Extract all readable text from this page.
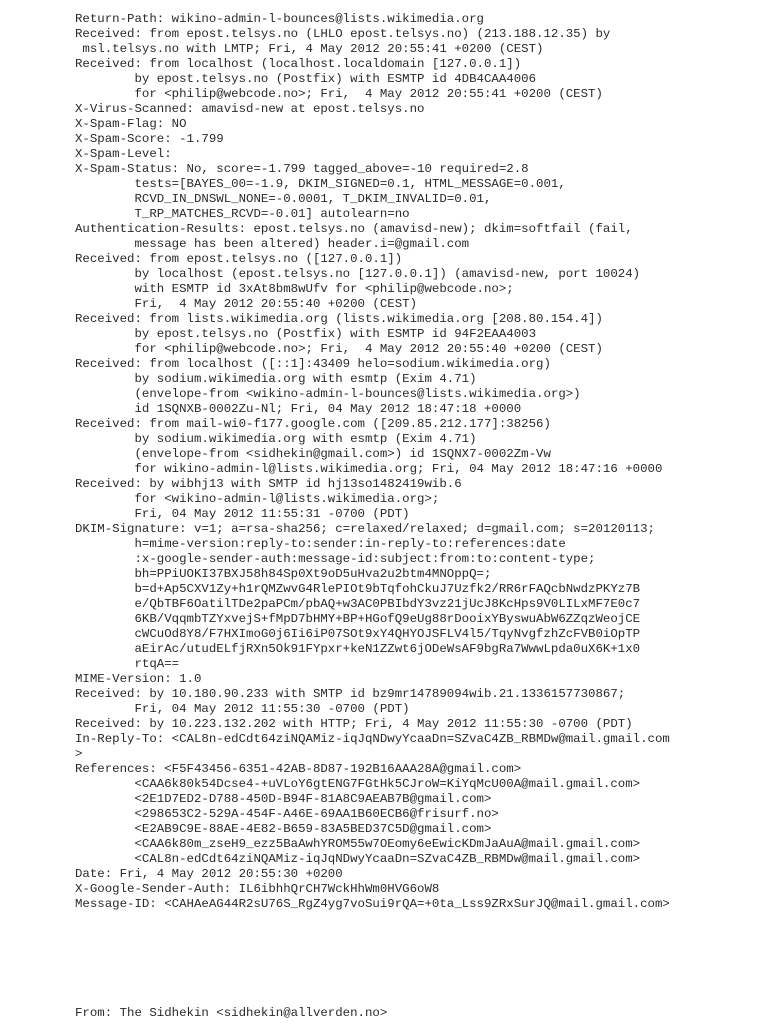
Return-Path: wikino-admin-l-bounces@lists.wikimedia.org
Received: from epost.telsys.no (LHLO epost.telsys.no) (213.188.12.35) by
msl.telsys.no with LMTP; Fri, 4 May 2012 20:55:41 +0200 (CEST)
Received: from localhost (localhost.localdomain [127.0.0.1])
by epost.telsys.no (Postfix) with ESMTP id 4DB4CAA4006
for <philip@webcode.no>; Fri,  4 May 2012 20:55:41 +0200 (CEST)
X-Virus-Scanned: amavisd-new at epost.telsys.no
X-Spam-Flag: NO
X-Spam-Score: -1.799
X-Spam-Level:
X-Spam-Status: No, score=-1.799 tagged_above=-10 required=2.8
tests=[BAYES_00=-1.9, DKIM_SIGNED=0.1, HTML_MESSAGE=0.001,
RCVD_IN_DNSWL_NONE=-0.0001, T_DKIM_INVALID=0.01,
T_RP_MATCHES_RCVD=-0.01] autolearn=no
Authentication-Results: epost.telsys.no (amavisd-new); dkim=softfail (fail,
message has been altered) header.i=@gmail.com
Received: from epost.telsys.no ([127.0.0.1])
by localhost (epost.telsys.no [127.0.0.1]) (amavisd-new, port 10024)
with ESMTP id 3xAt8bm8wUfv for <philip@webcode.no>;
Fri,  4 May 2012 20:55:40 +0200 (CEST)
Received: from lists.wikimedia.org (lists.wikimedia.org [208.80.154.4])
by epost.telsys.no (Postfix) with ESMTP id 94F2EAA4003
for <philip@webcode.no>; Fri,  4 May 2012 20:55:40 +0200 (CEST)
Received: from localhost ([::1]:43409 helo=sodium.wikimedia.org)
by sodium.wikimedia.org with esmtp (Exim 4.71)
(envelope-from <wikino-admin-l-bounces@lists.wikimedia.org>)
id 1SQNXB-0002Zu-Nl; Fri, 04 May 2012 18:47:18 +0000
Received: from mail-wi0-f177.google.com ([209.85.212.177]:38256)
by sodium.wikimedia.org with esmtp (Exim 4.71)
(envelope-from <sidhekin@gmail.com>) id 1SQNX7-0002Zm-Vw
for wikino-admin-l@lists.wikimedia.org; Fri, 04 May 2012 18:47:16 +0000
Received: by wibhj13 with SMTP id hj13so1482419wib.6
for <wikino-admin-l@lists.wikimedia.org>;
Fri, 04 May 2012 11:55:31 -0700 (PDT)
DKIM-Signature: v=1; a=rsa-sha256; c=relaxed/relaxed; d=gmail.com; s=20120113;
h=mime-version:reply-to:sender:in-reply-to:references:date
:x-google-sender-auth:message-id:subject:from:to:content-type;
bh=PPiUOKI37BXJ58h84Sp0Xt9oD5uHva2u2btm4MNOppQ=;
b=d+Ap5CXV1Zy+h1rQMZwvG4RlePIOt9bTqfohCkuJ7Uzfk2/RR6rFAQcbNwdzPKYz7B
e/QbTBF6OatilTDe2paPCm/pbAQ+w3AC0PBIbdY3vz21jUcJ8KcHps9V0LILxMF7E0c7
6KB/VqqmbTZYxvejS+fMpD7bHMY+BP+HGofQ9eUg88rDooixYByswuAbW6ZZqzWeojCE
cWCuOd8Y8/F7HXImoG0j6Ii6iP07SOt9xY4QHYOJSFLV4l5/TqyNvgfzhZcFVB0iOpTP
aEirAc/utudELfjRXn5Ok91FYpxr+keN1ZZwt6jODeWsAF9bgRa7WwwLpda0uX6K+1x0
rtqA==
MIME-Version: 1.0
Received: by 10.180.90.233 with SMTP id bz9mr14789094wib.21.1336157730867;
Fri, 04 May 2012 11:55:30 -0700 (PDT)
Received: by 10.223.132.202 with HTTP; Fri, 4 May 2012 11:55:30 -0700 (PDT)
In-Reply-To: <CAL8n-edCdt64ziNQAMiz-iqJqNDwyYcaaDn=SZvaC4ZB_RBMDw@mail.gmail.com
>
References: <F5F43456-6351-42AB-8D87-192B16AAA28A@gmail.com>
<CAA6k80k54Dcse4-+uVLoY6gtENG7FGtHk5CJroW=KiYqMcU00A@mail.gmail.com>
<2E1D7ED2-D788-450D-B94F-81A8C9AEAB7B@gmail.com>
<298653C2-529A-454F-A46E-69AA1B60ECB6@frisurf.no>
<E2AB9C9E-88AE-4E82-B659-83A5BED37C5D@gmail.com>
<CAA6k80m_zseH9_ezz5BaAwhYROM55w7OEomy6eEwicKDmJaAuA@mail.gmail.com>
<CAL8n-edCdt64ziNQAMiz-iqJqNDwyYcaaDn=SZvaC4ZB_RBMDw@mail.gmail.com>
Date: Fri, 4 May 2012 20:55:30 +0200
X-Google-Sender-Auth: IL6ibhhQrCH7WckHhWm0HVG6oW8
Message-ID: <CAHAeAG44R2sU76S_RgZ4yg7voSui9rQA=+0ta_Lss9ZRxSurJQ@mail.gmail.com>
From: The Sidhekin <sidhekin@allverden.no>
